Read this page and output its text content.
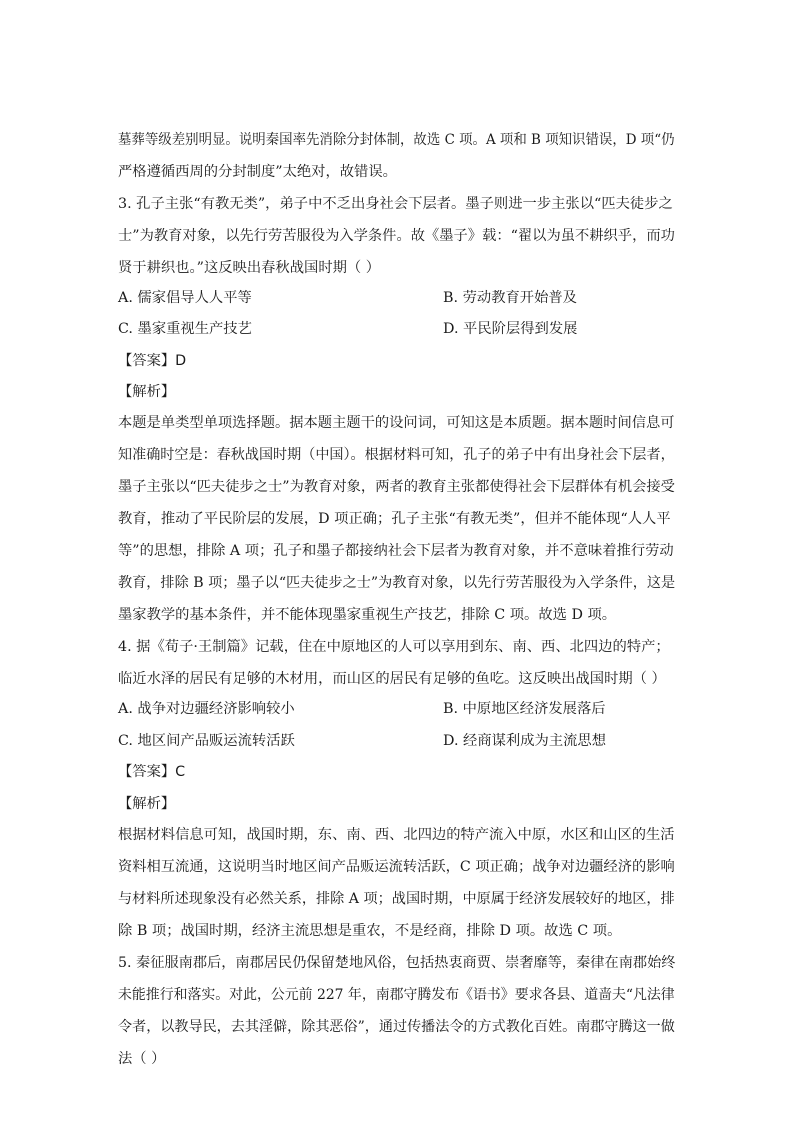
墓葬等级差别明显。说明秦国率先消除分封体制，故选 C 项。A 项和 B 项知识错误，D 项“仍
严格遵循西周的分封制度”太绝对，故错误。
3. 孔子主张“有教无类”，弟子中不乏出身社会下层者。墨子则进一步主张以“匹夫徒步之
士”为教育对象，以先行劳苦服役为入学条件。故《墨子》载：“翟以为虽不耕织乎，而功
贤于耕织也。”这反映出春秋战国时期（ ）
A. 儒家倡导人人平等	B. 劳动教育开始普及
C. 墨家重视生产技艺	D. 平民阶层得到发展
【答案】D
【解析】
本题是单类型单项选择题。据本题主题干的设问词，可知这是本质题。据本题时间信息可
知准确时空是：春秋战国时期（中国）。根据材料可知，孔子的弟子中有出身社会下层者，
墨子主张以“匹夫徒步之士”为教育对象，两者的教育主张都使得社会下层群体有机会接受
教育，推动了平民阶层的发展，D 项正确；孔子主张“有教无类”，但并不能体现“人人平
等”的思想，排除 A 项；孔子和墨子都接纳社会下层者为教育对象，并不意味着推行劳动
教育，排除 B 项；墨子以“匹夫徒步之士”为教育对象，以先行劳苦服役为入学条件，这是
墨家教学的基本条件，并不能体现墨家重视生产技艺，排除 C 项。故选 D 项。
4. 据《荀子·王制篇》记载，住在中原地区的人可以享用到东、南、西、北四边的特产；
临近水泽的居民有足够的木材用，而山区的居民有足够的鱼吃。这反映出战国时期（ ）
A. 战争对边疆经济影响较小	B. 中原地区经济发展落后
C. 地区间产品贩运流转活跃	D. 经商谋利成为主流思想
【答案】C
【解析】
根据材料信息可知，战国时期，东、南、西、北四边的特产流入中原，水区和山区的生活
资料相互流通，这说明当时地区间产品贩运流转活跃，C 项正确；战争对边疆经济的影响
与材料所述现象没有必然关系，排除 A 项；战国时期，中原属于经济发展较好的地区，排
除 B 项；战国时期，经济主流思想是重农，不是经商，排除 D 项。故选 C 项。
5. 秦征服南郡后，南郡居民仍保留楚地风俗，包括热衷商贾、崇奢靡等，秦律在南郡始终
未能推行和落实。对此，公元前 227 年，南郡守腾发布《语书》要求各县、道啬夫“凡法律
令者，以教导民，去其淫僻，除其恶俗”，通过传播法令的方式教化百姓。南郡守腾这一做
法（ ）
